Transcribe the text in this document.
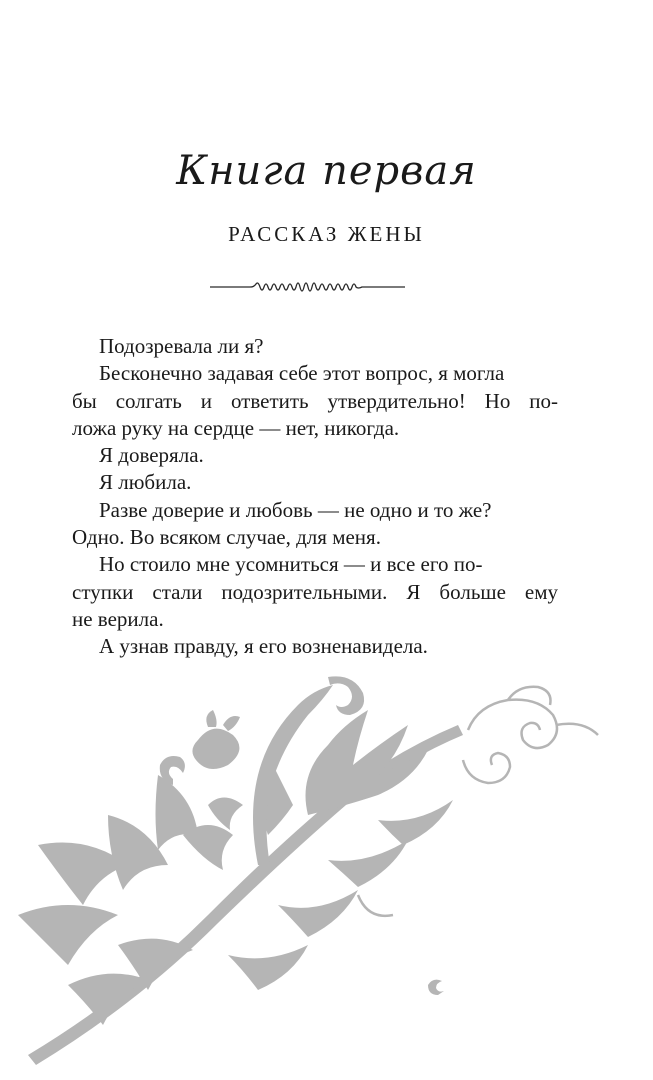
Книга первая
РАССКАЗ ЖЕНЫ
Подозревала ли я?
Бесконечно задавая себе этот вопрос, я могла
бы солгать и ответить утвердительно! Но по-
ложа руку на сердце — нет, никогда.
Я доверяла.
Я любила.
Разве доверие и любовь — не одно и то же?
Одно. Во всяком случае, для меня.
Но стоило мне усомниться — и все его по-
ступки стали подозрительными. Я больше ему
не верила.
А узнав правду, я его возненавидела.
